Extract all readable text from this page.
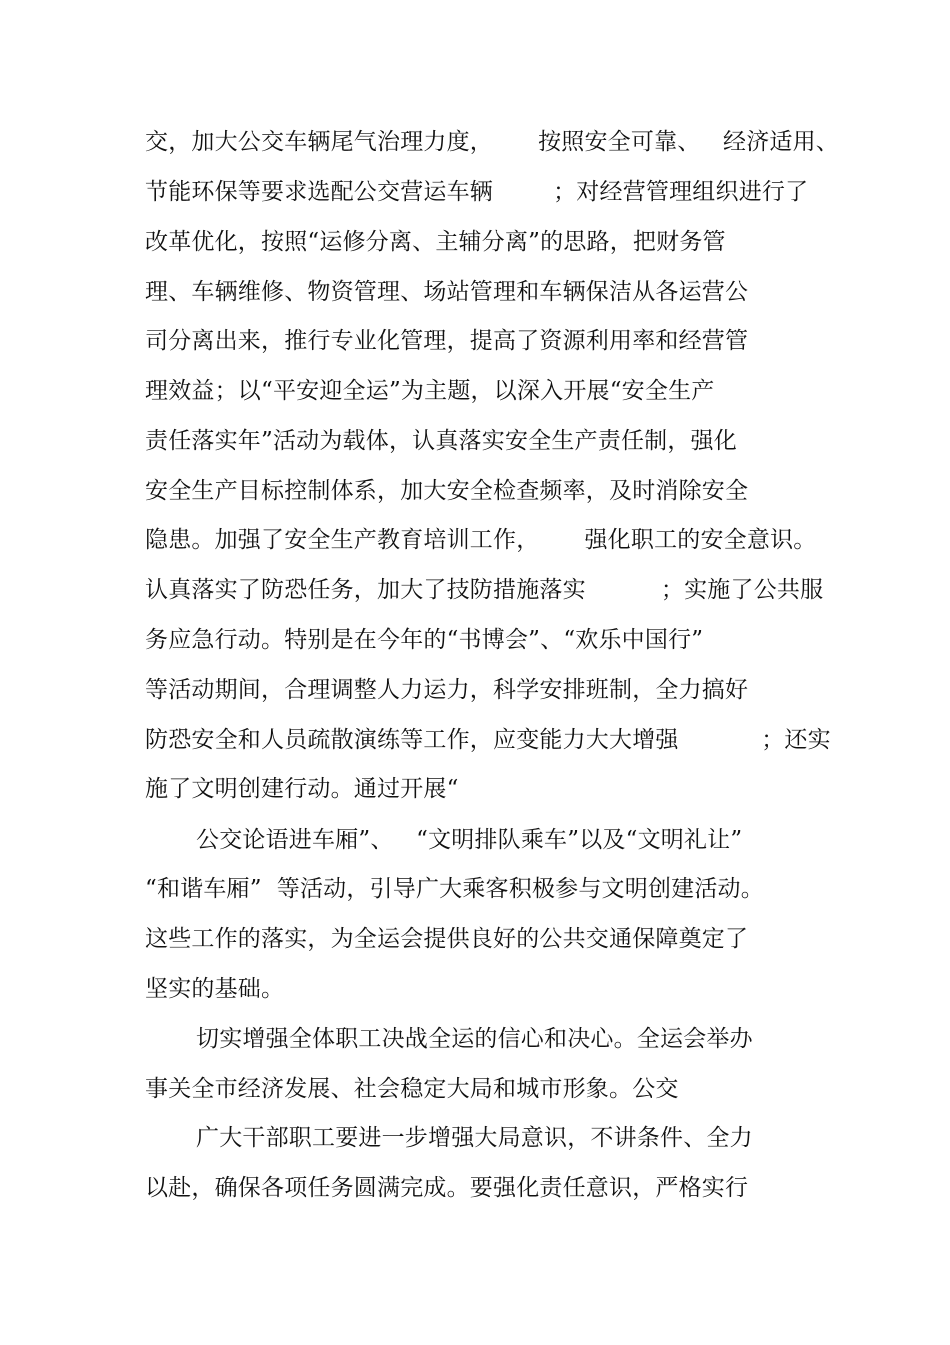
交，加大公交车辆尾气治理力度，      按照安全可靠、   经济适用、
节能环保等要求选配公交营运车辆        ；对经营管理组织进行了
改革优化，按照“运修分离、主辅分离”的思路，把财务管
理、车辆维修、物资管理、场站管理和车辆保洁从各运营公
司分离出来，推行专业化管理，提高了资源利用率和经营管
理效益；以“平安迎全运”为主题，以深入开展“安全生产
责任落实年”活动为载体，认真落实安全生产责任制，强化
安全生产目标控制体系，加大安全检查频率，及时消除安全
隐患。加强了安全生产教育培训工作，      强化职工的安全意识。
认真落实了防恐任务，加大了技防措施落实          ；实施了公共服
务应急行动。特别是在今年的“书博会”、“欢乐中国行”
等活动期间，合理调整人力运力，科学安排班制，全力搞好
防恐安全和人员疏散演练等工作，应变能力大大增强           ；还实
施了文明创建行动。通过开展“
公交论语进车厢”、   “文明排队乘车”以及“文明礼让”
“和谐车厢”  等活动，引导广大乘客积极参与文明创建活动。
这些工作的落实，为全运会提供良好的公共交通保障奠定了
坚实的基础。
切实增强全体职工决战全运的信心和决心。全运会举办
事关全市经济发展、社会稳定大局和城市形象。公交
广大干部职工要进一步增强大局意识，不讲条件、全力
以赴，确保各项任务圆满完成。要强化责任意识，严格实行
